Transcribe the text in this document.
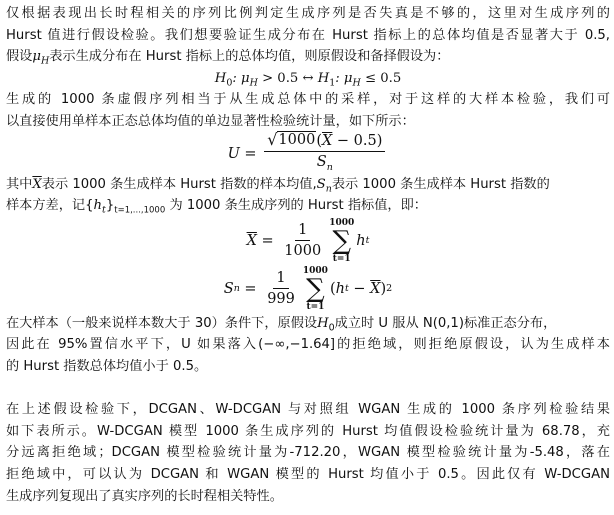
仅根据表现出长时程相关的序列比例判定生成序列是否失真是不够的，这里对生成序列的
Hurst 值进行假设检验。我们想要验证生成分布在 Hurst 指标上的总体均值是否显著大于 0.5,
假设$\mu_H$表示生成分布在 Hurst 指标上的总体均值，则原假设和备择假设为：
$H_0$: $\mu_H > 0.5$ ↔ $H_1$: $\mu_H \le 0.5$
生成的 1000 条虚假序列相当于从生成总体中的采样，对于这样的大样本检验，我们可
以直接使用单样本正态总体均值的单边显著性检验统计量，如下所示：
$U = \frac{√ 1000 (\overline{X} - 0.5)}{S_n}$
其中$\overline{X}$表示 1000 条生成样本 Hurst 指数的样本均值$,S_n$表示 1000 条生成样本 Hurst 指数的
样本方差，记$\{h_t\}_{t=1,...,1000}$ 为 1000 条生成序列的 Hurst 指标值，即：
$\overline{X} = \frac{1}{1000} 1000$
∑
t=1
h t
S $n = \frac{1}{999} 1000$
∑
t=1
( h $t - \overline{X}$ ) 2
在大样本（一般来说样本数大于 30）条件下，原假设$H_0$成立时 U 服从 N(0,1)标准正态分布，
因此在 95%置信水平下，U 如果落入(−∞,−1.64]的拒绝域，则拒绝原假设，认为生成样本
的 Hurst 指数总体均值小于 0.5。
在上述假设检验下，DCGAN、W-DCGAN 与对照组 WGAN 生成的 1000 条序列检验结果
如下表所示。W-DCGAN 模型 1000 条生成序列的 Hurst 均值假设检验统计量为 68.78，充
分远离拒绝域；DCGAN 模型检验统计量为-712.20，WGAN 模型检验统计量为-5.48，落在
拒绝域中，可以认为 DCGAN 和 WGAN 模型的 Hurst 均值小于 0.5。因此仅有 W-DCGAN
生成序列复现出了真实序列的长时程相关特性。
